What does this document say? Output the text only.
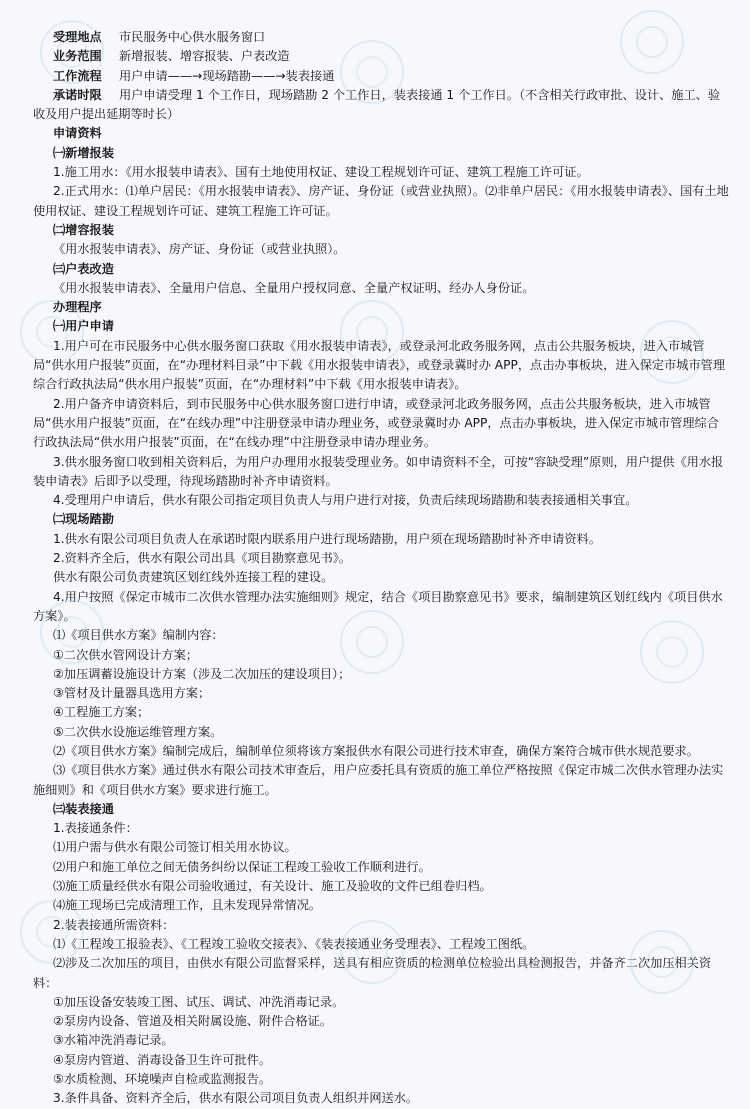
受理地点 市民服务中心供水服务窗口
业务范围 新增报装、增容报装、户表改造
工作流程 用户申请——→现场踏勘——→装表接通
承诺时限 用户申请受理 1 个工作日，现场踏勘 2 个工作日，装表接通 1 个工作日。（不含相关行政审批、设计、施工、验收及用户提出延期等时长）
申请资料
㈠新增报装
1.施工用水：《用水报装申请表》、国有土地使用权证、建设工程规划许可证、建筑工程施工许可证。
2.正式用水：⑴单户居民：《用水报装申请表》、房产证、身份证（或营业执照）。⑵非单户居民：《用水报装申请表》、国有土地使用权证、建设工程规划许可证、建筑工程施工许可证。
㈡增容报装
《用水报装申请表》、房产证、身份证（或营业执照）。
㈢户表改造
《用水报装申请表》、全量用户信息、全量用户授权同意、全量产权证明、经办人身份证。
办理程序
㈠用户申请
1.用户可在市民服务中心供水服务窗口获取《用水报装申请表》，或登录河北政务服务网，点击公共服务板块，进入市城管局“供水用户报装”页面，在“办理材料目录”中下载《用水报装申请表》，或登录冀时办 APP，点击办事板块，进入保定市城市管理综合行政执法局“供水用户报装”页面，在“办理材料”中下载《用水报装申请表》。
2.用户备齐申请资料后，到市民服务中心供水服务窗口进行申请，或登录河北政务服务网，点击公共服务板块，进入市城管局“供水用户报装”页面，在“在线办理”中注册登录申请办理业务，或登录冀时办 APP，点击办事板块，进入保定市城市管理综合行政执法局“供水用户报装”页面，在“在线办理”中注册登录申请办理业务。
3.供水服务窗口收到相关资料后，为用户办理用水报装受理业务。如申请资料不全，可按“容缺受理”原则，用户提供《用水报装申请表》后即予以受理，待现场踏勘时补齐申请资料。
4.受理用户申请后，供水有限公司指定项目负责人与用户进行对接，负责后续现场踏勘和装表接通相关事宜。
㈡现场踏勘
1.供水有限公司项目负责人在承诺时限内联系用户进行现场踏勘，用户须在现场踏勘时补齐申请资料。
2.资料齐全后，供水有限公司出具《项目勘察意见书》。
供水有限公司负责建筑区划红线外连接工程的建设。
4.用户按照《保定市城市二次供水管理办法实施细则》规定，结合《项目勘察意见书》要求，编制建筑区划红线内《项目供水方案》。
⑴《项目供水方案》编制内容：
①二次供水管网设计方案；
②加压调蓄设施设计方案（涉及二次加压的建设项目）；
③管材及计量器具选用方案；
④工程施工方案；
⑤二次供水设施运维管理方案。
⑵《项目供水方案》编制完成后，编制单位须将该方案报供水有限公司进行技术审查，确保方案符合城市供水规范要求。
⑶《项目供水方案》通过供水有限公司技术审查后，用户应委托具有资质的施工单位严格按照《保定市城二次供水管理办法实施细则》和《项目供水方案》要求进行施工。
㈢装表接通
1.表接通条件：
⑴用户需与供水有限公司签订相关用水协议。
⑵用户和施工单位之间无债务纠纷以保证工程竣工验收工作顺利进行。
⑶施工质量经供水有限公司验收通过，有关设计、施工及验收的文件已组卷归档。
⑷施工现场已完成清理工作，且未发现异常情况。
2.装表接通所需资料：
⑴《工程竣工报验表》、《工程竣工验收交接表》、《装表接通业务受理表》、工程竣工图纸。
⑵涉及二次加压的项目，由供水有限公司监督采样，送具有相应资质的检测单位检验出具检测报告，并备齐二次加压相关资料：
①加压设备安装竣工图、试压、调试、冲洗消毒记录。
②泵房内设备、管道及相关附属设施、附件合格证。
③水箱冲洗消毒记录。
④泵房内管道、消毒设备卫生许可批件。
⑤水质检测、环境噪声自检或监测报告。
3.条件具备、资料齐全后，供水有限公司项目负责人组织并网送水。
